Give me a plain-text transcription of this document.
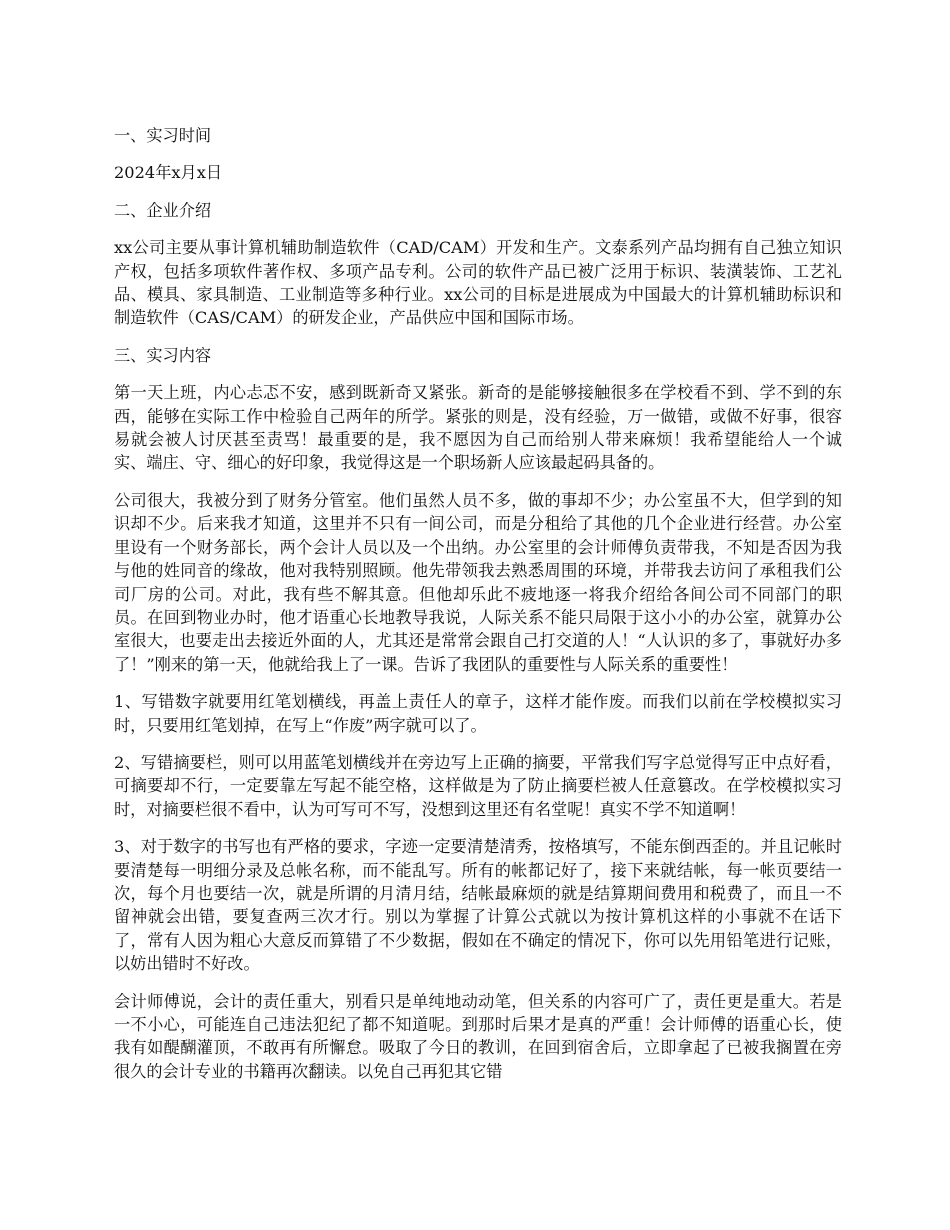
一、实习时间

2024年x月x日

二、企业介绍

xx公司主要从事计算机辅助制造软件（CAD/CAM）开发和生产。文泰系列产品均拥有自己独立知识产权，包括多项软件著作权、多项产品专利。公司的软件产品已被广泛用于标识、装潢装饰、工艺礼品、模具、家具制造、工业制造等多种行业。xx公司的目标是进展成为中国最大的计算机辅助标识和制造软件（CAS/CAM）的研发企业，产品供应中国和国际市场。

三、实习内容

第一天上班，内心忐忑不安，感到既新奇又紧张。新奇的是能够接触很多在学校看不到、学不到的东西，能够在实际工作中检验自己两年的所学。紧张的则是，没有经验，万一做错，或做不好事，很容易就会被人讨厌甚至责骂！最重要的是，我不愿因为自己而给别人带来麻烦！我希望能给人一个诚实、端庄、守、细心的好印象，我觉得这是一个职场新人应该最起码具备的。

公司很大，我被分到了财务分管室。他们虽然人员不多，做的事却不少；办公室虽不大，但学到的知识却不少。后来我才知道，这里并不只有一间公司，而是分租给了其他的几个企业进行经营。办公室里设有一个财务部长，两个会计人员以及一个出纳。办公室里的会计师傅负责带我，不知是否因为我与他的姓同音的缘故，他对我特别照顾。他先带领我去熟悉周围的环境，并带我去访问了承租我们公司厂房的公司。对此，我有些不解其意。但他却乐此不疲地逐一将我介绍给各间公司不同部门的职员。在回到物业办时，他才语重心长地教导我说，人际关系不能只局限于这小小的办公室，就算办公室很大，也要走出去接近外面的人，尤其还是常常会跟自己打交道的人！“人认识的多了，事就好办多了！”刚来的第一天，他就给我上了一课。告诉了我团队的重要性与人际关系的重要性！

1、写错数字就要用红笔划横线，再盖上责任人的章子，这样才能作废。而我们以前在学校模拟实习时，只要用红笔划掉，在写上“作废”两字就可以了。

2、写错摘要栏，则可以用蓝笔划横线并在旁边写上正确的摘要，平常我们写字总觉得写正中点好看，可摘要却不行，一定要靠左写起不能空格，这样做是为了防止摘要栏被人任意篡改。在学校模拟实习时，对摘要栏很不看中，认为可写可不写，没想到这里还有名堂呢！真实不学不知道啊！

3、对于数字的书写也有严格的要求，字迹一定要清楚清秀，按格填写，不能东倒西歪的。并且记帐时要清楚每一明细分录及总帐名称，而不能乱写。所有的帐都记好了，接下来就结帐，每一帐页要结一次，每个月也要结一次，就是所谓的月清月结，结帐最麻烦的就是结算期间费用和税费了，而且一不留神就会出错，要复查两三次才行。别以为掌握了计算公式就以为按计算机这样的小事就不在话下了，常有人因为粗心大意反而算错了不少数据，假如在不确定的情况下，你可以先用铅笔进行记账，以妨出错时不好改。

会计师傅说，会计的责任重大，别看只是单纯地动动笔，但关系的内容可广了，责任更是重大。若是一不小心，可能连自己违法犯纪了都不知道呢。到那时后果才是真的严重！会计师傅的语重心长，使我有如醍醐灌顶，不敢再有所懈怠。吸取了今日的教训，在回到宿舍后，立即拿起了已被我搁置在旁很久的会计专业的书籍再次翻读。以免自己再犯其它错
